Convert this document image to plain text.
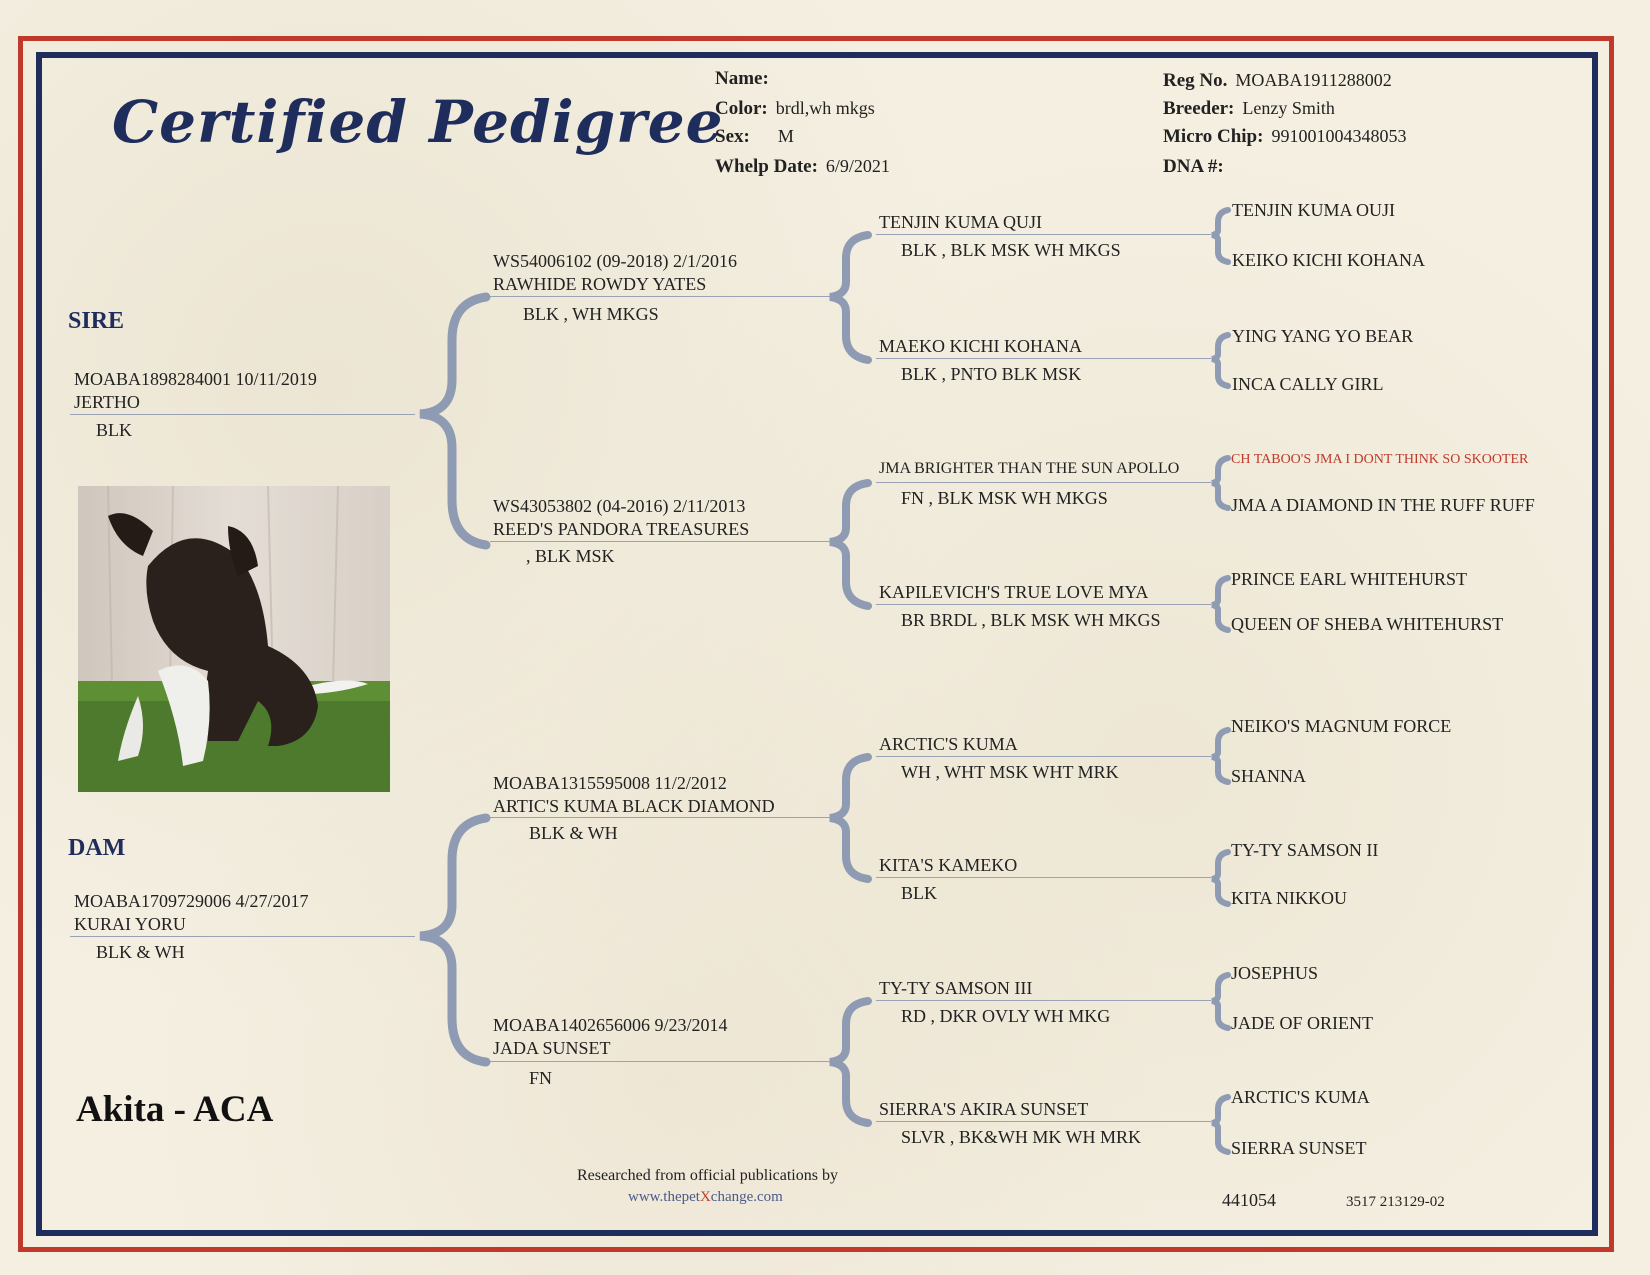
Certified Pedigree
Name:
Color: brdl,wh mkgs
Sex: M
Whelp Date: 6/9/2021
Reg No. MOABA1911288002
Breeder: Lenzy Smith
Micro Chip: 991001004348053
DNA #:
SIRE
MOABA1898284001 10/11/2019
JERTHO
BLK
DAM
MOABA1709729006 4/27/2017
KURAI YORU
BLK & WH
WS54006102 (09-2018) 2/1/2016
RAWHIDE ROWDY YATES
BLK , WH MKGS
WS43053802 (04-2016) 2/11/2013
REED'S PANDORA TREASURES
, BLK MSK
MOABA1315595008 11/2/2012
ARTIC'S KUMA BLACK DIAMOND
BLK & WH
MOABA1402656006 9/23/2014
JADA SUNSET
FN
TENJIN KUMA QUJI
BLK , BLK MSK WH MKGS
MAEKO KICHI KOHANA
BLK , PNTO BLK MSK
JMA BRIGHTER THAN THE SUN APOLLO
FN , BLK MSK WH MKGS
KAPILEVICH'S TRUE LOVE MYA
BR BRDL , BLK MSK WH MKGS
ARCTIC'S KUMA
WH , WHT MSK WHT MRK
KITA'S KAMEKO
BLK
TY-TY SAMSON III
RD , DKR OVLY WH MKG
SIERRA'S AKIRA SUNSET
SLVR , BK&WH MK WH MRK
TENJIN KUMA OUJI
KEIKO KICHI KOHANA
YING YANG YO BEAR
INCA CALLY GIRL
CH TABOO'S JMA I DONT THINK SO SKOOTER
JMA A DIAMOND IN THE RUFF RUFF
PRINCE EARL WHITEHURST
QUEEN OF SHEBA WHITEHURST
NEIKO'S MAGNUM FORCE
SHANNA
TY-TY SAMSON II
KITA NIKKOU
JOSEPHUS
JADE OF ORIENT
ARCTIC'S KUMA
SIERRA SUNSET
Akita - ACA
Researched from official publications by
www.thepetXchange.com	441054	3517 213129-02
